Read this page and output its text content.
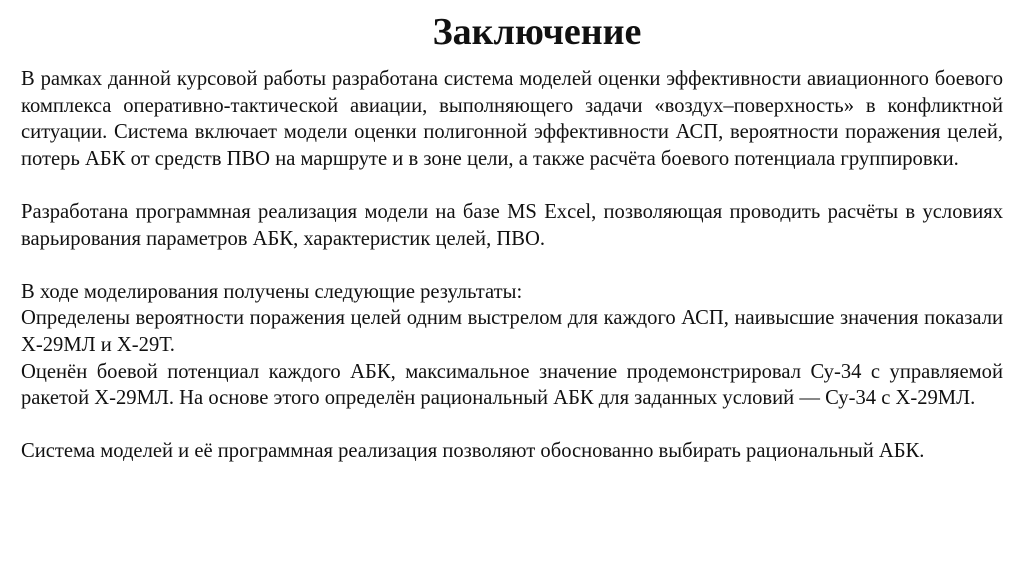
Заключение

В рамках данной курсовой работы разработана система моделей оценки эффективности авиационного боевого комплекса оперативно-тактической авиации, выполняющего задачи «воздух–поверхность» в конфликтной ситуации. Система включает модели оценки полигонной эффективности АСП, вероятности поражения целей, потерь АБК от средств ПВО на маршруте и в зоне цели, а также расчёта боевого потенциала группировки.

Разработана программная реализация модели на базе MS Excel, позволяющая проводить расчёты в условиях варьирования параметров АБК, характеристик целей, ПВО.

В ходе моделирования получены следующие результаты:

Определены вероятности поражения целей одним выстрелом для каждого АСП, наивысшие значения показали Х-29МЛ и Х-29Т.

Оценён боевой потенциал каждого АБК, максимальное значение продемонстрировал Су-34 с управляемой ракетой Х-29МЛ. На основе этого определён рациональный АБК для заданных условий — Су-34 с Х-29МЛ.

Система моделей и её программная реализация позволяют обоснованно выбирать рациональный АБК.
